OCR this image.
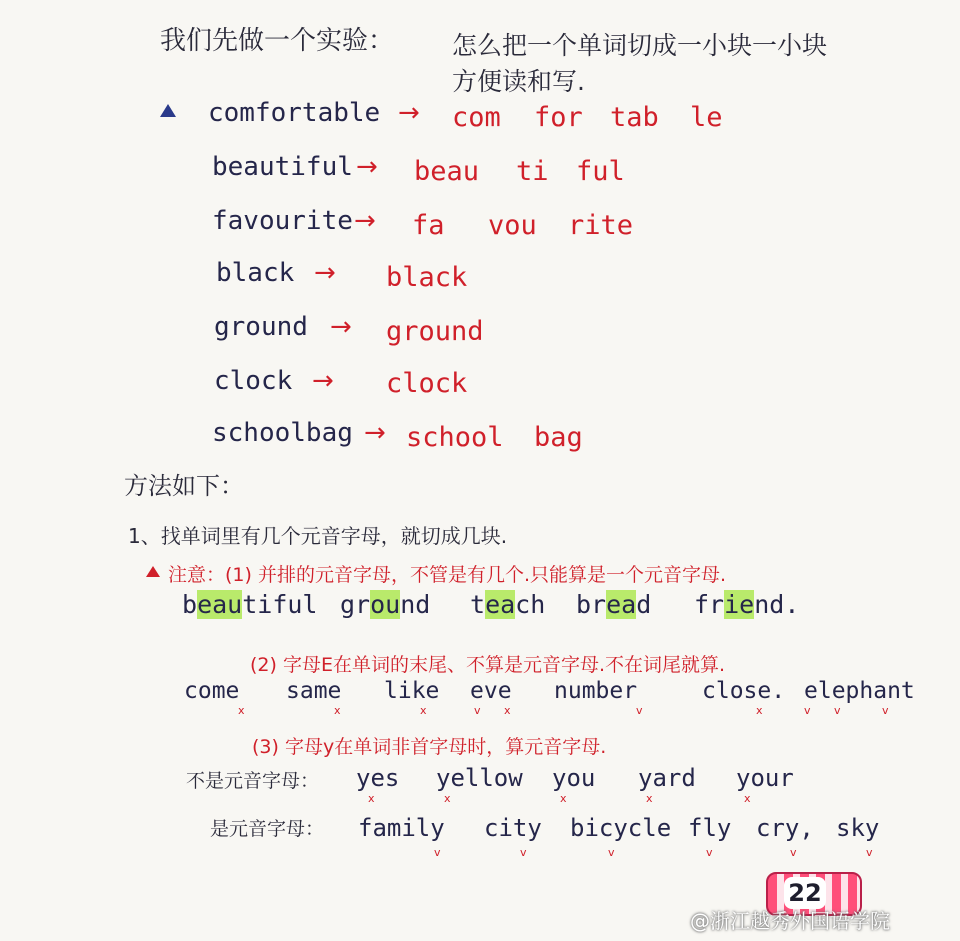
我们先做一个实验： 怎么把一个单词切成一小块一小块
方便读和写.
comfortable → com for tab le
beautiful → beau ti ful
favourite → fa vou rite
black → black
ground → ground
clock → clock
schoolbag → school bag
方法如下：
1、找单词里有几个元音字母，就切成几块.
注意：(1) 并排的元音字母，不管是有几个.只能算是一个元音字母.
beautiful ground teach bread friend.
(2) 字母E在单词的末尾、不算是元音字母.不在词尾就算.
come same like eve number	close. elephant
x	x	x	v x	v	x	v v	v
(3) 字母y在单词非首字母时，算元音字母.
不是元音字母： yes yellow you yard your
x	x	x	x	x
是元音字母： family city bicycle fly cry, sky
v	v	v	v	v	v
22
@浙江越秀外国语学院
